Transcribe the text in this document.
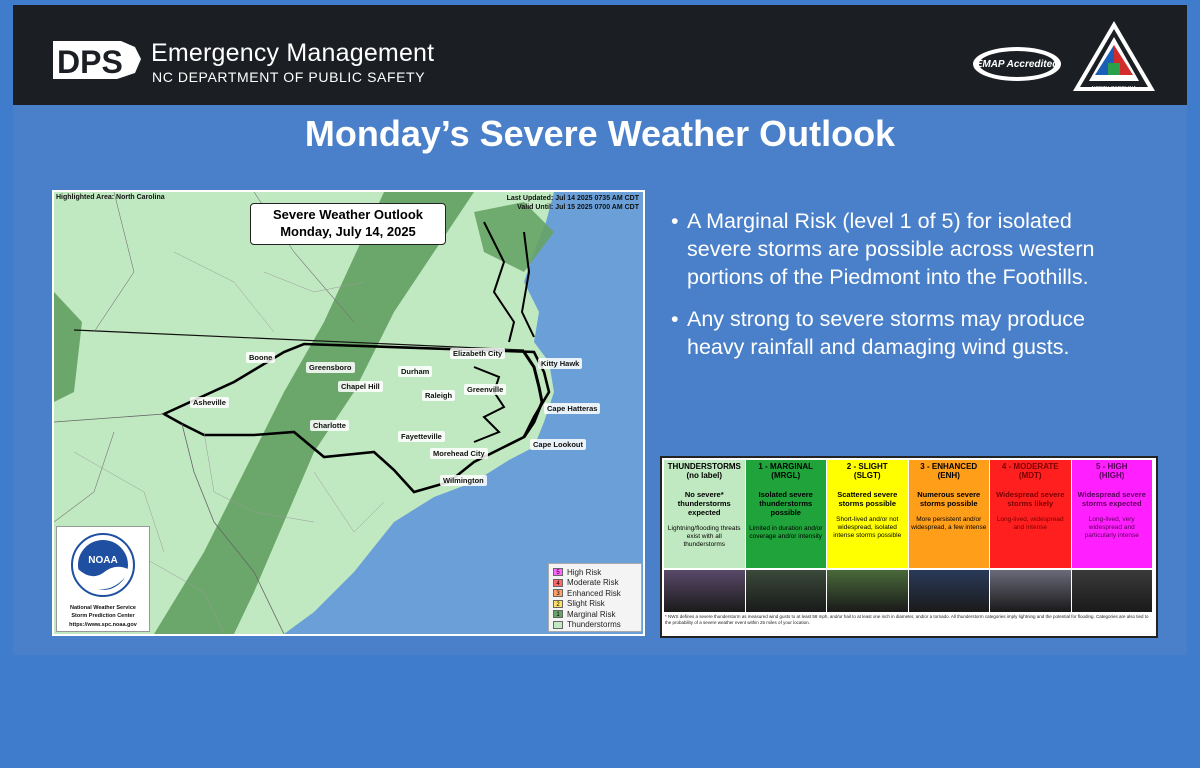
DPS Emergency Management
NC DEPARTMENT OF PUBLIC SAFETY
EMAP Accredited
NORTH CAROLINA
Monday’s Severe Weather Outlook
Highlighted Area: North Carolina	Last Updated: Jul 14 2025 0735 AM CDT
Valid Until: Jul 15 2025 0700 AM CDT
Severe Weather Outlook
Monday, July 14, 2025
Boone
Greensboro	Durham
Elizabeth City
Kitty Hawk
Chapel Hill
Raleigh
Greenville
Asheville
Cape Hatteras
Charlotte
Fayetteville
Cape Lookout
Morehead City
Wilmington
NOAA
National Weather Service
Storm Prediction Center
https://www.spc.noaa.gov
5 High Risk
4 Moderate Risk
3 Enhanced Risk
2 Slight Risk
1 Marginal Risk
Thunderstorms
• A Marginal Risk (level 1 of 5) for isolated severe storms are possible across western portions of the Piedmont into the Foothills.
• Any strong to severe storms may produce heavy rainfall and damaging wind gusts.
* NWS defines a severe thunderstorm as measured wind gusts to at least 58 mph, and/or hail to at least one inch in diameter, and/or a tornado. All thunderstorm categories imply lightning and the potential for flooding. Categories are also tied to the probability of a severe weather event within 25 miles of your location.
THUNDERSTORMS
(no label)
No severe* thunderstorms expected
Lightning/flooding threats exist with all thunderstorms
1 - MARGINAL
(MRGL)
Isolated severe thunderstorms possible
Limited in duration and/or coverage and/or intensity
2 - SLIGHT
(SLGT)
Scattered severe storms possible
Short-lived and/or not widespread, isolated intense storms possible
3 - ENHANCED
(ENH)
Numerous severe storms possible
More persistent and/or widespread, a few intense
4 - MODERATE
(MDT)
Widespread severe storms likely
Long-lived, widespread and intense
5 - HIGH
(HIGH)
Widespread severe storms expected
Long-lived, very widespread and particularly intense
